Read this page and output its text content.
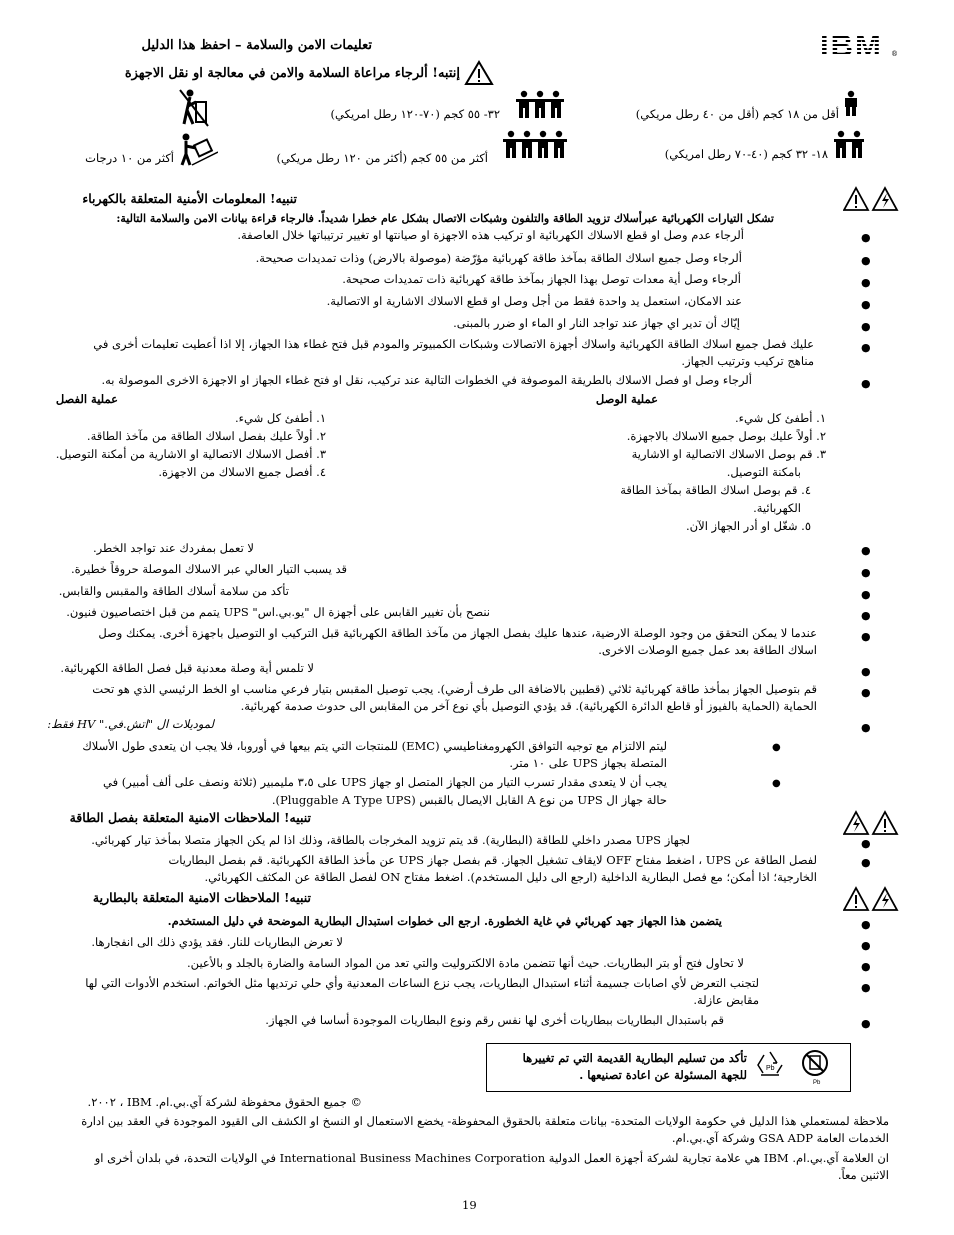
IBM ®
تعليمات الامن والسلامة – احفظ هذا الدليل
إنتبه! ألرجاء مراعاة السلامة والامن في معالجة او نقل الاجهزة
أقل من ١٨ كجم (أقل من ٤٠ رطل مريكي)
٣٢- ٥٥ كجم (٧٠-١٢٠ رطل امريكي)
١٨- ٣٢ كجم (٤٠-٧٠ رطل امريكي)
أكثر من ٥٥ كجم (أكثر من ١٢٠ رطل مريكي)
أكثر من ١٠ درجات
تنبيه! المعلومات الأمنية المتعلقة بالكهرباء
تشكل التيارات الكهربائية عبرأسلاك تزويد الطاقة والتلفون وشبكات الاتصال بشكل عام خطرا شديداً. فالرجاء قراءة بيانات الامن والسلامة التالية:
●
ألرجاء عدم وصل او قطع الاسلاك الكهربائية او تركيب هذه الاجهزة او صيانتها او تغيير ترتيباتها خلال العاصفة.
●
ألرجاء وصل جميع اسلاك الطاقة بمآخذ طاقة كهربائية مؤرّضة (موصولة بالارض) وذات تمديدات صحيحة.
●
ألرجاء وصل أية معدات توصل بهذا الجهاز بمآخذ طاقة كهربائية ذات تمديدات صحيحة.
●
عند الامكان، استعمل يد واحدة فقط من أجل وصل او قطع الاسلاك الاشارية او الاتصالية.
●
إيّاك أن تدير اي جهاز عند تواجد النار او الماء او ضرر بالمبنى.
●
عليك فصل جميع اسلاك الطاقة الكهربائية واسلاك أجهزة الاتصالات وشبكات الكمبيوتر والمودم قبل فتح غطاء هذا الجهاز، إلا اذا أعطيت تعليمات أخرى في
مناهج تركيب وترتيب الجهاز.
●
ألرجاء وصل او فصل الاسلاك بالطريقة الموصوفة في الخطوات التالية عند تركيب، نقل او فتح غطاء الجهاز او الاجهزة الاخرى الموصولة به.
عملية الوصل
١. أطفئ كل شيء.
٢. أولاً عليك بوصل جميع الاسلاك بالاجهزة.
٣. قم بوصل الاسلاك الاتصالية او الاشارية
بامكنة التوصيل.
٤. قم بوصل اسلاك الطاقة بمآخذ الطاقة
الكهربائية.
٥. شغّل او أدر الجهاز الآن.
عملية الفصل
١. أطفئ كل شيء.
٢. أولاً عليك بفصل اسلاك الطاقة من مآخذ الطاقة.
٣. أفصل الاسلاك الاتصالية او الاشارية من أمكنة التوصيل.
٤. أفصل جميع الاسلاك من الاجهزة.
●
لا تعمل بمفردك عند تواجد الخطر.
●
قد يسبب التيار العالي عبر الاسلاك الموصلة حروقاً خطيرة.
●
تأكد من سلامة أسلاك الطاقة والمقبس والقابس.
●
ننصح بأن تغيير القابس على أجهزة ال "يو.بي.اس" UPS يتمم من قبل اختصاصيون فنيون.
●
عندما لا يمكن التحقق من وجود الوصلة الارضية، عندها عليك بفصل الجهاز من مآخذ الطاقة الكهربائية قبل التركيب او التوصيل باجهزة أخرى. يمكنك وصل
اسلاك الطاقة بعد عمل جميع الوصلات الاخرى.
●
لا تلمس أية وصلة معدنية قبل فصل الطاقة الكهربائية.
●
قم بتوصيل الجهاز بمأخذ طاقة كهربائية ثلاثي (قطبين بالاضافة الى طرف أرضي). يجب توصيل المقبس بتيار فرعي مناسب او الخط الرئيسي الذي هو تحت
الحماية (الحماية بالفيوز أو قاطع الدائرة الكهربائية). قد يؤدي التوصيل بأي نوع آخر من المقابس الى حدوث صدمة كهربائية.
●
لموديلات ال "اتش.في." HV فقط:
●
ليتم الالتزام مع توجيه التوافق الكهرومغناطيسي (EMC) للمنتجات التي يتم بيعها في أوروبا، فلا يجب ان يتعدى طول الأسلاك
المتصلة بجهاز UPS على ١٠ متر.
●
يجب أن لا يتعدى مقدار تسرب التيار من الجهاز المتصل او جهاز UPS على ٣،٥ مليمبير (ثلاثة ونصف على ألف أمبير) في
حالة جهاز ال UPS من نوع A القابل الايصال بالقبس (Pluggable A Type UPS).
تنبيه! الملاحظات الامنية المتعلقة بفصل الطاقة
●
لجهاز UPS مصدر داخلي للطاقة (البطارية). قد يتم تزويد المخرجات بالطاقة، وذلك اذا لم يكن الجهاز متصلا بمأخذ تيار كهربائي.
●
لفصل الطاقة عن UPS ، اضغط مفتاح OFF لايقاف تشغيل الجهاز. قم بفصل جهاز UPS عن مأخذ الطاقة الكهربائية. قم بفصل البطاريات
الخارجية؛ اذا أمكن؛ مع فصل البطارية الداخلية (ارجع الى دليل المستخدم). اضغط مفتاح ON لفصل الطاقة عن المكثف الكهربائي.
تنبيه! الملاحظات الامنية المتعلقة بالبطارية
●
يتضمن هذا الجهاز جهد كهربائي في غاية الخطورة. ارجع الى خطوات استبدال البطارية الموضحة في دليل المستخدم.
●
لا تعرض البطاريات للنار. فقد يؤدي ذلك الى انفجارها.
●
لا تحاول فتح أو بتر البطاريات. حيث أنها تتضمن مادة الالكتروليت والتي تعد من المواد السامة والضارة بالجلد و بالأعين.
●
لتجنب التعرض لأي اصابات جسيمة أثناء استبدال البطاريات، يجب نزع الساعات المعدنية وأي حلي ترتديها مثل الخواتم. استخدم الأدوات التي لها
مقابض عازلة.
●
قم باستبدال البطاريات ببطاريات أخرى لها نفس رقم ونوع البطاريات الموجودة أساسا في الجهاز.
تأكد من تسليم البطارية القديمة التي تم تغييرها
للجهة المسئولة عن اعادة تصنيعها .	Pb
Pb
© جميع الحقوق محفوظة لشركة آي.بي.ام. IBM ، ٢٠٠٢.
ملاحظة لمستعملي هذا الدليل في حكومة الولايات المتحدة- بيانات متعلقة بالحقوق المحفوظة- يخضع الاستعمال او النسخ او الكشف الى القيود الموجودة في العقد بين ادارة
الخدمات العامة GSA ADP وشركة آي.بي.ام.
ان العلامة آي.بي.ام. IBM هي علامة تجارية لشركة أجهزة العمل الدولية International Business Machines Corporation في الولايات التحدة، في بلدان أخرى او
الاثنين معاً.
19
